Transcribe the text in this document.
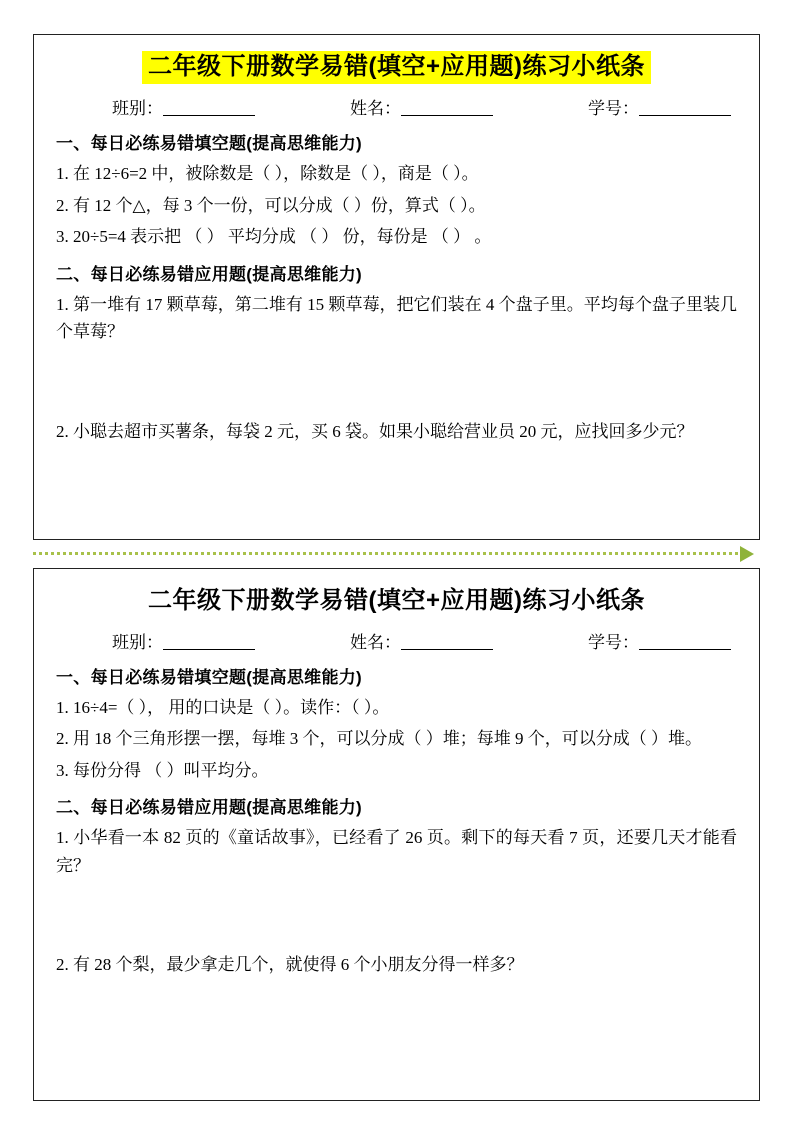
二年级下册数学易错(填空+应用题)练习小纸条
班别：	姓名：	学号：
一、每日必练易错填空题(提高思维能力)
1. 在 12÷6=2 中，被除数是（ ），除数是（ ），商是（ ）。
2. 有 12 个△，每 3 个一份，可以分成（ ）份，算式（ ）。
3. 20÷5=4 表示把 （ ） 平均分成 （ ） 份，每份是 （ ） 。
二、每日必练易错应用题(提高思维能力)
1. 第一堆有 17 颗草莓，第二堆有 15 颗草莓，把它们装在 4 个盘子里。平均每个盘子里装几个草莓？
2. 小聪去超市买薯条，每袋 2 元，买 6 袋。如果小聪给营业员 20 元，应找回多少元？
二年级下册数学易错(填空+应用题)练习小纸条
班别：	姓名：	学号：
一、每日必练易错填空题(提高思维能力)
1. 16÷4=（ ）， 用的口诀是（ ）。读作：（ ）。
2. 用 18 个三角形摆一摆，每堆 3 个，可以分成（ ）堆；每堆 9 个，可以分成（ ）堆。
3. 每份分得 （ ）叫平均分。
二、每日必练易错应用题(提高思维能力)
1. 小华看一本 82 页的《童话故事》，已经看了 26 页。剩下的每天看 7 页，还要几天才能看完？
2. 有 28 个梨，最少拿走几个，就使得 6 个小朋友分得一样多？
